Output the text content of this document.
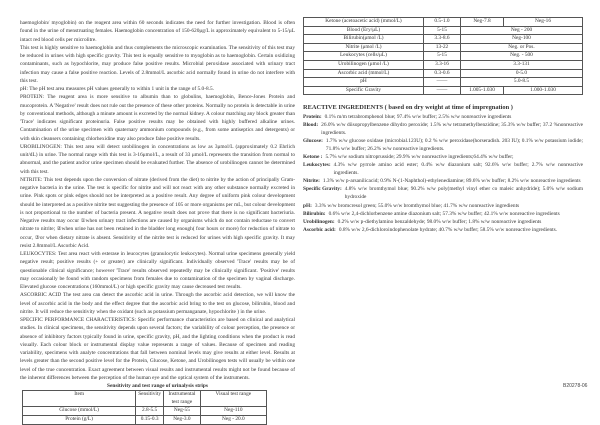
haemoglobin/ myoglobin) on the reagent area within 60 seconds indicates the need for further investigation. Blood is often found in the urine of menstruating females. Haemoglobin concentration of 150-620μg/L is approximately equivalent to 5-15/μL intact red blood cells per microlitre.

This test is highly sensitive to haemoglobin and thus complements the microscopic examination. The sensitivity of this test may be reduced in urines with high specific gravity. This test is equally sensitive to myoglobin as to haemoglobin. Certain oxidizing contaminants, such as hypochlorite, may produce false positive results. Microbial peroxidase associated with urinary tract infection may cause a false positive reaction. Levels of 2.8mmol/L ascorbic acid normally found in urine do not interfere with this test.

pH: The pH test area measures pH values generally to within 1 unit in the range of 5.0-8.5.

PROTEIN: The reagent area is more sensitive to albumin than to globulins, haemoglobin, Bence-Jones Protein and mucoprotein. A 'Negative' result does not rule out the presence of these other proteins. Normally no protein is detectable in urine by conventional methods, although a minute amount is excreted by the normal kidney. A colour matching any block greater than 'Trace' indicates significant proteinuria. False positive results may be obtained with highly buffered alkaline urines. Contamination of the urine specimen with quaternary ammonium compounds (e.g., from some antiseptics and detergents) or with skin cleansers containing chlorhexidine may also produce false positive results.

UROBILINOGEN: This test area will detect urobilinogen in concentrations as low as 3μmol/L (approximately 0.2 Ehrlich unit/dL) in urine. The normal range with this test is 3-16μmol/L, a result of 33 μmol/L represents the transition from normal to abnormal, and the patient and/or urine specimen should be evaluated further. The absence of urobilinogen cannot be determined with this test.

NITRITE: This test depends upon the conversion of nitrate (derived from the diet) to nitrite by the action of principally Gram-negative bacteria in the urine. The test is specific for nitrite and will not react with any other substance normally excreted in urine. Pink spots or pink edges should not be interpreted as a positive result. Any degree of uniform pink colour development should be interpreted as a positive nitrite test suggesting the presence of 105 or more organisms per mL, but colour development is not proportional to the number of bacteria present. A negative result does not prove that there is no significant bacteriuria. Negative results may occur ①when urinary tract infections are caused by organisms which do not contain reductase to convert nitrate to nitrite; ②when urine has not been retained in the bladder long enough( four hours or more) for reduction of nitrate to occur, ③or when dietary nitrate is absent. Sensitivity of the nitrite test is reduced for urines with high specific gravity. It may resist 2.8mmol/L Ascorbic Acid.

LEUKOCYTES: Test area react with esterase in leucocytes (granulocytic leukocytes). Normal urine specimens generally yield negative result; positive results (+ or greater) are clinically significant. Individually observed 'Trace' results may be of questionable clinical significance; however 'Trace' results observed repeatedly may be clinically significant. 'Positive' results may occasionally be found with random specimens from females due to contamination of the specimen by vaginal discharge. Elevated glucose concentrations (160mmol/L) or high specific gravity may cause decreased test results.

ASCORBIC ACID The test area can detect the ascorbic acid in urine. Through the ascorbic acid detection, we will know the level of ascorbic acid in the body and the effect degree that the ascorbic acid bring to the test on glucose, bilirubin, blood and nitrite. It will reduce the sensitivity when the oxidant (such as potassium permanganate, hypochlorite ) in the urine.

SPECIFIC PERFORMANCE CHARACTERISTICS: Specific performance characteristics are based on clinical and analytical studies. In clinical specimens, the sensitivity depends upon several factors; the variability of colour perception, the presence or absence of inhibitory factors typically found in urine, specific gravity, pH, and the lighting conditions when the product is read visually. Each colour block or instrumental display value represents a range of values. Because of specimen and reading variability, specimens with analyte concentrations that fall between nominal levels may give results at either level. Results at levels greater than the second positive level for the Protein, Glucose, Ketone, and Urobilinogen tests will usually be within one level of the true concentration. Exact agreement between visual results and instrumental results might not be found because of the inherent differences between the perception of the human eye and the optical system of the instruments.

Sensitivity and test range of urinalysis strips

Item	Sensitivity	Instrumental test range	Visual test range
Glucose (mmol/L)	2.8-5.5	Neg-55	Neg-110
Protein (g/L)	0.15-0.3	Neg-3.0	Neg - 20.0
Ketone (acetoacetic acid) (mmol/L)	0.5-1.0	Neg-7.8	Neg-16
Blood (Ery/μL)	5-15	Neg - 200	
Bilirubin(μmol /L)	3.3-8.6	Neg-100	
Nitrite (μmol /L)	13-22	Neg. or Pos.	
Leukocytes (cells/μL)	5-15	Neg. - 500	
Urobilinogen (μmol /L)	3.3-16	3.3-131	
Ascorbic acid (mmol/L)	0.3-0.6	0-5.0	
pH	——	5.0-8.5	
Specific Gravity	——	1.005-1.030	1.000-1.030
REACTIVE INGREDIENTS ( based on dry weight at time of impregnation )
Protein: 0.1% m/m tetrabromphenol blue; 97.4% w/w buffer; 2.5% w/w nonreactive ingredients
Blood: 26.0% w/w diisopropylbenzene dihydro peroxide; 1.5% w/w tetramethylbenzidine; 35.3% w/w buffer; 37.2 %nonreactive ingredients.
Glucose: 1.7% w/w glucose oxidase (microbial.123U); 0.2 % w/w peroxidase(horseradish. 203 IU); 0.1% w/w potassium iodide; 71.8% w/w buffer; 26.2% w/w nonreactive ingredients.
Ketone : 5.7% w/w sodium nitroprusside; 29.9% w/w nonreactive ingredients;64.4% w/w buffer;
Leukocytes: 4.3% w/w pyrrole amino acid ester; 0.4% w/w diazonium salt; 92.6% w/w buffer; 2.7% w/w nonreactive ingredients.
Nitrite: 1.3% w/w p-arsanilicacid; 0.9% N-(1-Naphthol)-ethylenediamine; 89.6% w/w buffer; 8.2% w/w nonreactive ingredients
Specific Gravity: 4.8% w/w bromthymol blue; 90.2% w/w poly(methyl vinyl ether co maleic anhydride); 5.0% w/w sodium hydroxide
pH: 3.3% w/w bromcresol green; 55.0% w/w bromthymol blue; 41.7% w/w nonreactive ingredients
Bilirubin: 0.6% w/w 2,4-dichlorbenzene amine diazonium salt; 57.3% w/w buffer; 42.1% w/w nonreactive ingredients
Urobilinogen: 0.2% w/w p-diethylamino benzaldehyde; 98.0% w/w buffer; 1.8% w/w nonreactive ingredients
Ascorbic acid: 0.8% w/w 2,6-dichloroindophenolate hydrate; 40.7% w/w buffer; 58.5% w/w nonreactive ingredients.
B20278-06
